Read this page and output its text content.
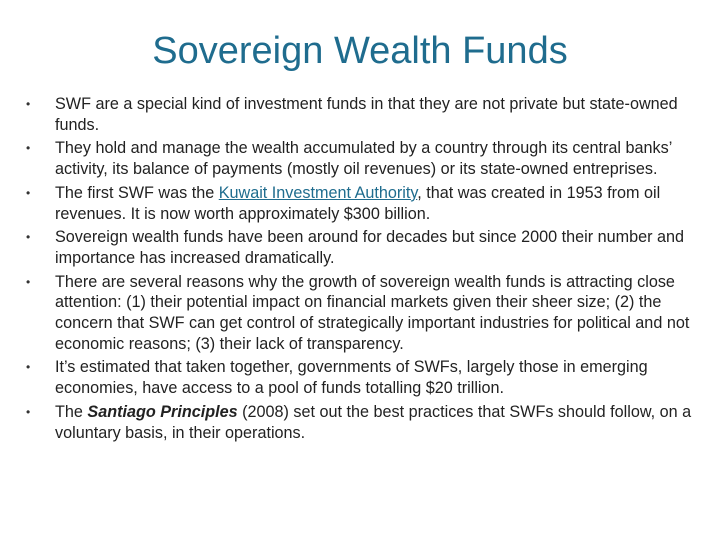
Sovereign Wealth Funds
• SWF are a special kind of investment funds in that they are not private but state-owned funds.
• They hold and manage the wealth accumulated by a country through its central banks’ activity, its balance of payments (mostly oil revenues) or its state-owned entreprises.
• The first SWF was the Kuwait Investment Authority, that was created in 1953 from oil revenues. It is now worth approximately $300 billion.
• Sovereign wealth funds have been around for decades but since 2000 their number and importance has increased dramatically.
• There are several reasons why the growth of sovereign wealth funds is attracting close attention: (1) their potential impact on financial markets given their sheer size; (2) the concern that SWF can get control of strategically important industries for political and not economic reasons; (3) their lack of transparency.
• It’s estimated that taken together, governments of SWFs, largely those in emerging economies, have access to a pool of funds totalling $20 trillion.
• The Santiago Principles (2008) set out the best practices that SWFs should follow, on a voluntary basis, in their operations.
